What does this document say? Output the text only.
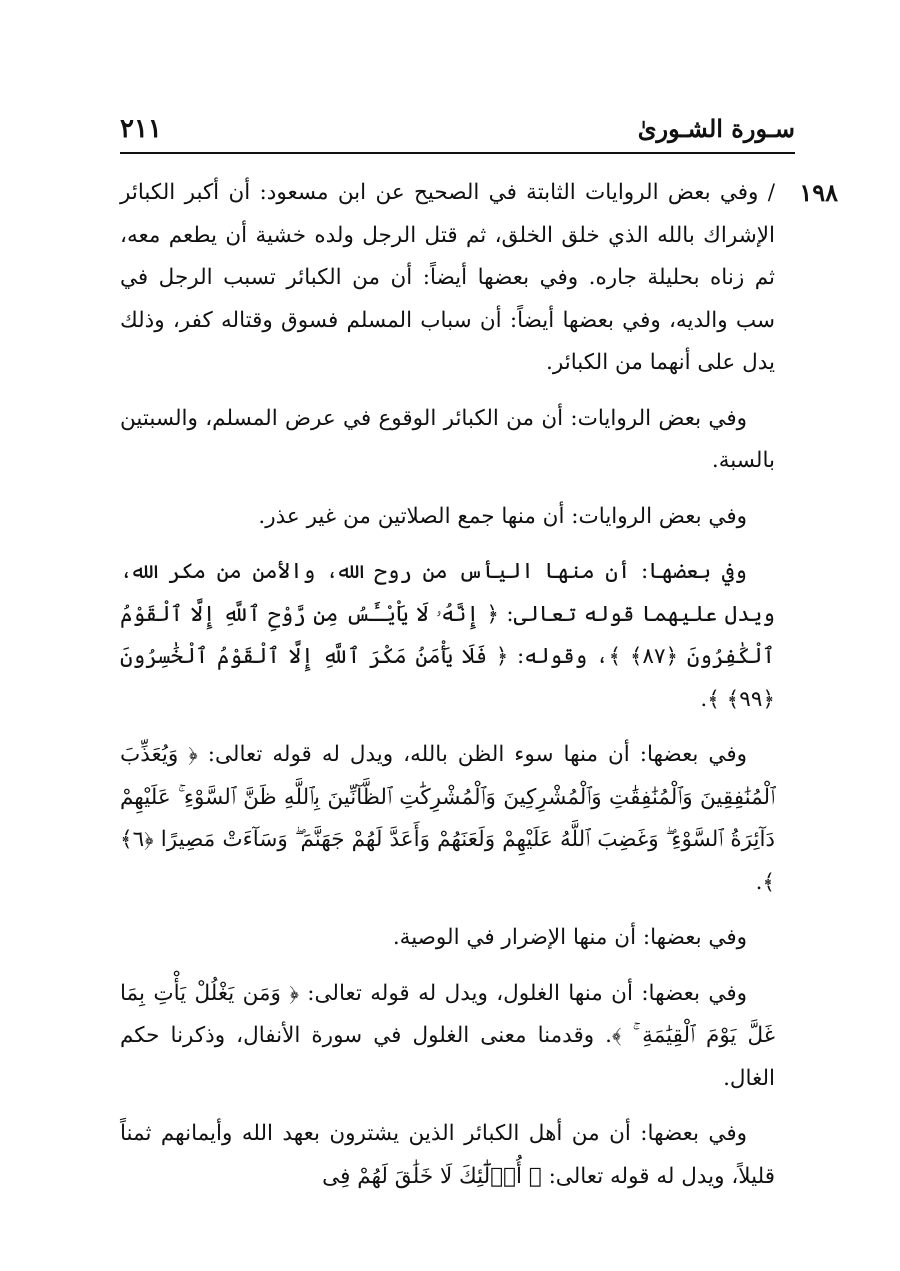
٢١١	سـورة الشـورىٰ
١٩٨

/ وفي بعض الروايات الثابتة في الصحيح عن ابن مسعود: أن أكبر الكبائر الإشراك بالله الذي خلق الخلق، ثم قتل الرجل ولده خشية أن يطعم معه، ثم زناه بحليلة جاره. وفي بعضها أيضاً: أن من الكبائر تسبب الرجل في سب والديه، وفي بعضها أيضاً: أن سباب المسلم فسوق وقتاله كفر، وذلك يدل على أنهما من الكبائر.

وفي بعض الروايات: أن من الكبائر الوقوع في عرض المسلم، والسبتين بالسبة.

وفي بعض الروايات: أن منها جمع الصلاتين من غير عذر.

وفي بعضها: أن منها اليأس من روح الله، والأمن من مكر الله، ويدل عليهما قوله تعالى: ﴿ إِنَّهُۥ لَا يَاْيْـَٔسُ مِن رَّوْحِ ٱللَّهِ إِلَّا ٱلْقَوْمُ ٱلْكَٰفِرُونَ ﴿٨٧﴾ ﴾، وقوله: ﴿ فَلَا يَأْمَنُ مَكْرَ ٱللَّهِ إِلَّا ٱلْقَوْمُ ٱلْخَٰسِرُونَ ﴿٩٩﴾ ﴾.

وفي بعضها: أن منها سوء الظن بالله، ويدل له قوله تعالى: ﴿ وَيُعَذِّبَ ٱلْمُنَٰفِقِينَ وَٱلْمُنَٰفِقَٰتِ وَٱلْمُشْرِكِينَ وَٱلْمُشْرِكَٰتِ ٱلظَّآنِّينَ بِٱللَّهِ ظَنَّ ٱلسَّوْءِ ۚ عَلَيْهِمْ دَآئِرَةُ ٱلسَّوْءِ ۖ وَغَضِبَ ٱللَّهُ عَلَيْهِمْ وَلَعَنَهُمْ وَأَعَدَّ لَهُمْ جَهَنَّمَ ۖ وَسَآءَتْ مَصِيرًا ﴿٦﴾ ﴾.

وفي بعضها: أن منها الإضرار في الوصية.

وفي بعضها: أن منها الغلول، ويدل له قوله تعالى: ﴿ وَمَن يَغْلُلْ يَأْتِ بِمَا غَلَّ يَوْمَ ٱلْقِيَٰمَةِ ۚ ﴾. وقدمنا معنى الغلول في سورة الأنفال، وذكرنا حكم الغال.

وفي بعضها: أن من أهل الكبائر الذين يشترون بعهد الله وأيمانهم ثمناً قليلاً، ويدل له قوله تعالى: ﴿ أُو۟لَٰٓئِكَ لَا خَلَٰقَ لَهُمْ فِى
